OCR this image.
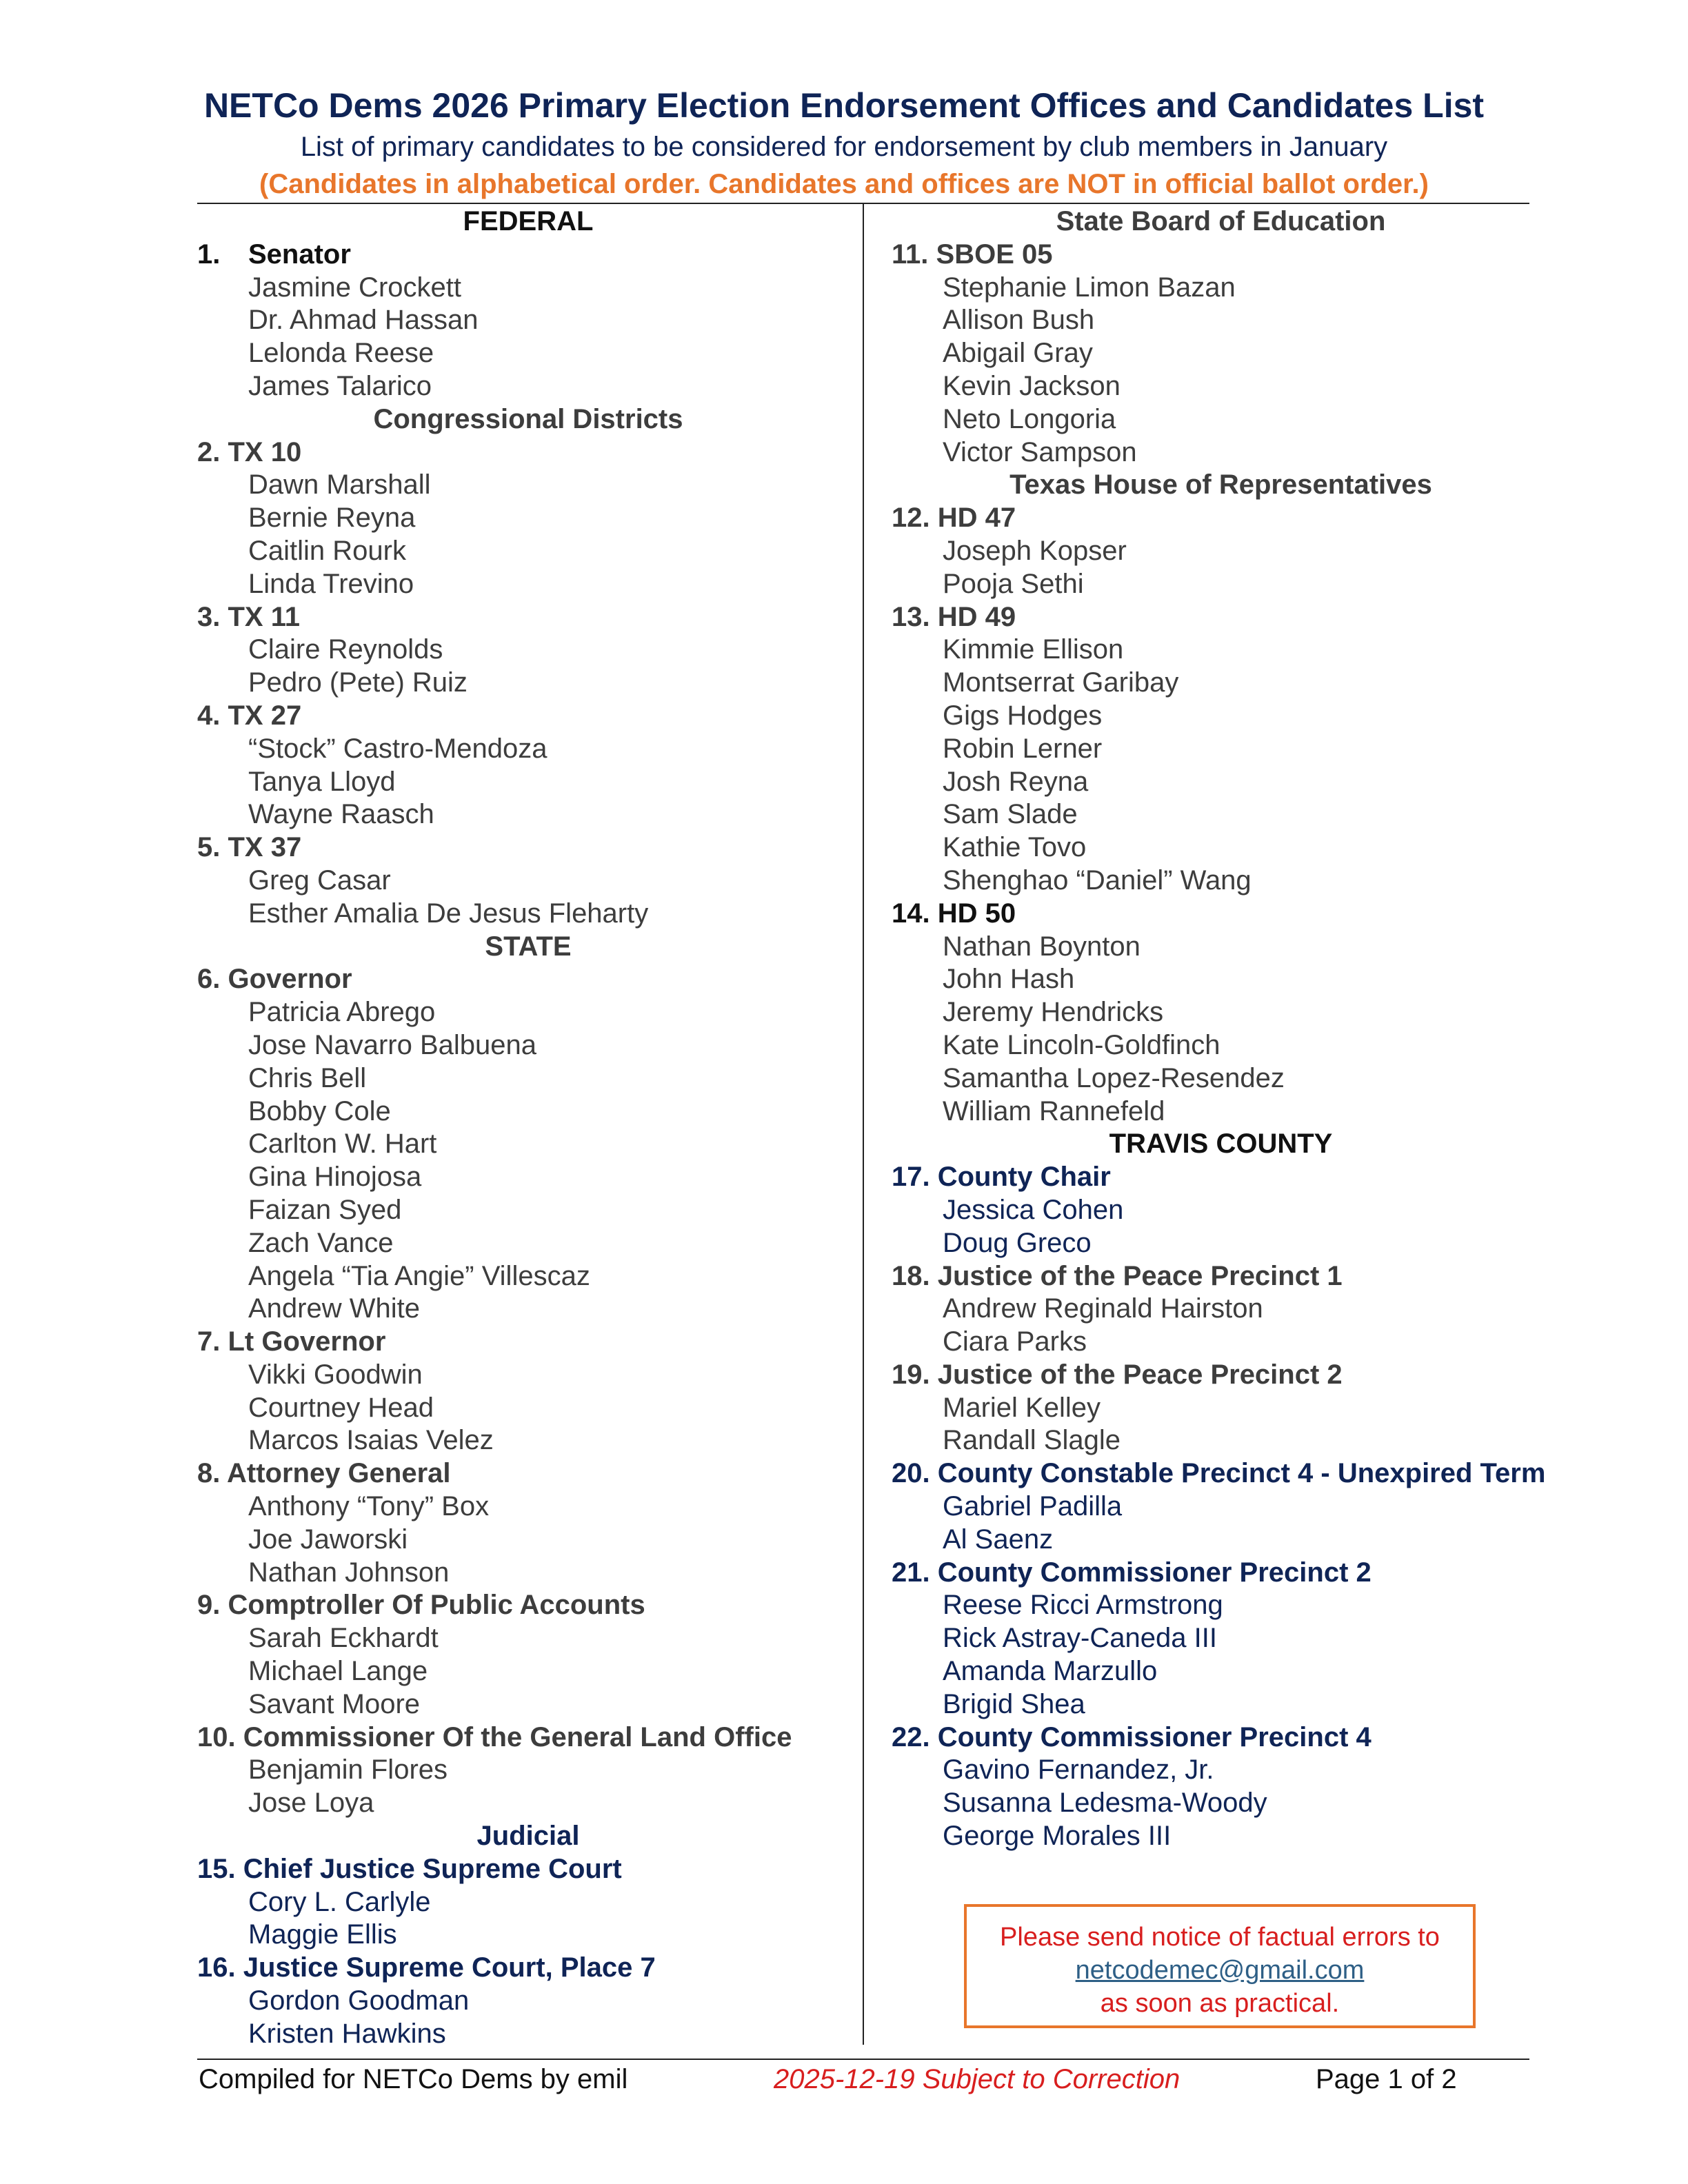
NETCo Dems 2026 Primary Election Endorsement Offices and Candidates List

List of primary candidates to be considered for endorsement by club members in January

(Candidates in alphabetical order. Candidates and offices are NOT in official ballot order.)

FEDERAL
1. Senator
Jasmine Crockett
Dr. Ahmad Hassan
Lelonda Reese
James Talarico
Congressional Districts
2. TX 10
Dawn Marshall
Bernie Reyna
Caitlin Rourk
Linda Trevino
3. TX 11
Claire Reynolds
Pedro (Pete) Ruiz
4. TX 27
“Stock” Castro-Mendoza
Tanya Lloyd
Wayne Raasch
5. TX 37
Greg Casar
Esther Amalia De Jesus Fleharty
STATE
6. Governor
Patricia Abrego
Jose Navarro Balbuena
Chris Bell
Bobby Cole
Carlton W. Hart
Gina Hinojosa
Faizan Syed
Zach Vance
Angela “Tia Angie” Villescaz
Andrew White
7. Lt Governor
Vikki Goodwin
Courtney Head
Marcos Isaias Velez
8. Attorney General
Anthony “Tony” Box
Joe Jaworski
Nathan Johnson
9. Comptroller Of Public Accounts
Sarah Eckhardt
Michael Lange
Savant Moore
10. Commissioner Of the General Land Office
Benjamin Flores
Jose Loya
Judicial
15. Chief Justice Supreme Court
Cory L. Carlyle
Maggie Ellis
16. Justice Supreme Court, Place 7
Gordon Goodman
Kristen Hawkins
State Board of Education
11. SBOE 05
Stephanie Limon Bazan
Allison Bush
Abigail Gray
Kevin Jackson
Neto Longoria
Victor Sampson
Texas House of Representatives
12. HD 47
Joseph Kopser
Pooja Sethi
13. HD 49
Kimmie Ellison
Montserrat Garibay
Gigs Hodges
Robin Lerner
Josh Reyna
Sam Slade
Kathie Tovo
Shenghao “Daniel” Wang
14. HD 50
Nathan Boynton
John Hash
Jeremy Hendricks
Kate Lincoln-Goldfinch
Samantha Lopez-Resendez
William Rannefeld
TRAVIS COUNTY
17. County Chair
Jessica Cohen
Doug Greco
18. Justice of the Peace Precinct 1
Andrew Reginald Hairston
Ciara Parks
19. Justice of the Peace Precinct 2
Mariel Kelley
Randall Slagle
20. County Constable Precinct 4 - Unexpired Term
Gabriel Padilla
Al Saenz
21. County Commissioner Precinct 2
Reese Ricci Armstrong
Rick Astray-Caneda III
Amanda Marzullo
Brigid Shea
22. County Commissioner Precinct 4
Gavino Fernandez, Jr.
Susanna Ledesma-Woody
George Morales III
Please send notice of factual errors to
netcodemec@gmail.com
as soon as practical.
Compiled for NETCo Dems by emil	2025-12-19 Subject to Correction	Page 1 of 2
